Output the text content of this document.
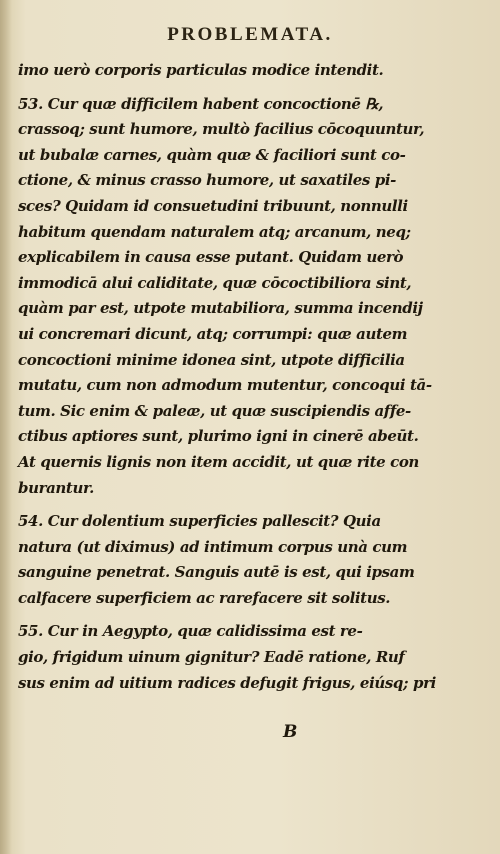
PROBLEMATA.
imo uerò corporis particulas modice intendit.
53. Cur quæ difficilem habent concoctionē ℞,
crassoq; sunt humore, multò facilius cōcoquuntur,
ut bubalæ carnes, quàm quæ & faciliori sunt co-
ctione, & minus crasso humore, ut saxatiles pi-
sces? Quidam id consuetudini tribuunt, nonnulli
habitum quendam naturalem atq; arcanum, neq;
explicabilem in causa esse putant. Quidam uerò
immodicā alui caliditate, quæ cōcoctibiliora sint,
quàm par est, utpote mutabiliora, summa incendij
ui concremari dicunt, atq; corrumpi: quæ autem
concoctioni minime idonea sint, utpote difficilia
mutatu, cum non admodum mutentur, concoqui tā-
tum. Sic enim & paleæ, ut quæ suscipiendis affe-
ctibus aptiores sunt, plurimo igni in cinerē abeūt.
At quernis lignis non item accidit, ut quæ rite con
burantur.
54. Cur dolentium superficies pallescit? Quia
natura (ut diximus) ad intimum corpus unà cum
sanguine penetrat. Sanguis autē is est, qui ipsam
calfacere superficiem ac rarefacere sit solitus.
55. Cur in Aegypto, quæ calidissima est re-
gio, frigidum uinum gignitur? Eadē ratione, Ruf
sus enim ad uitium radices defugit frigus, eiúsq; pri
B
